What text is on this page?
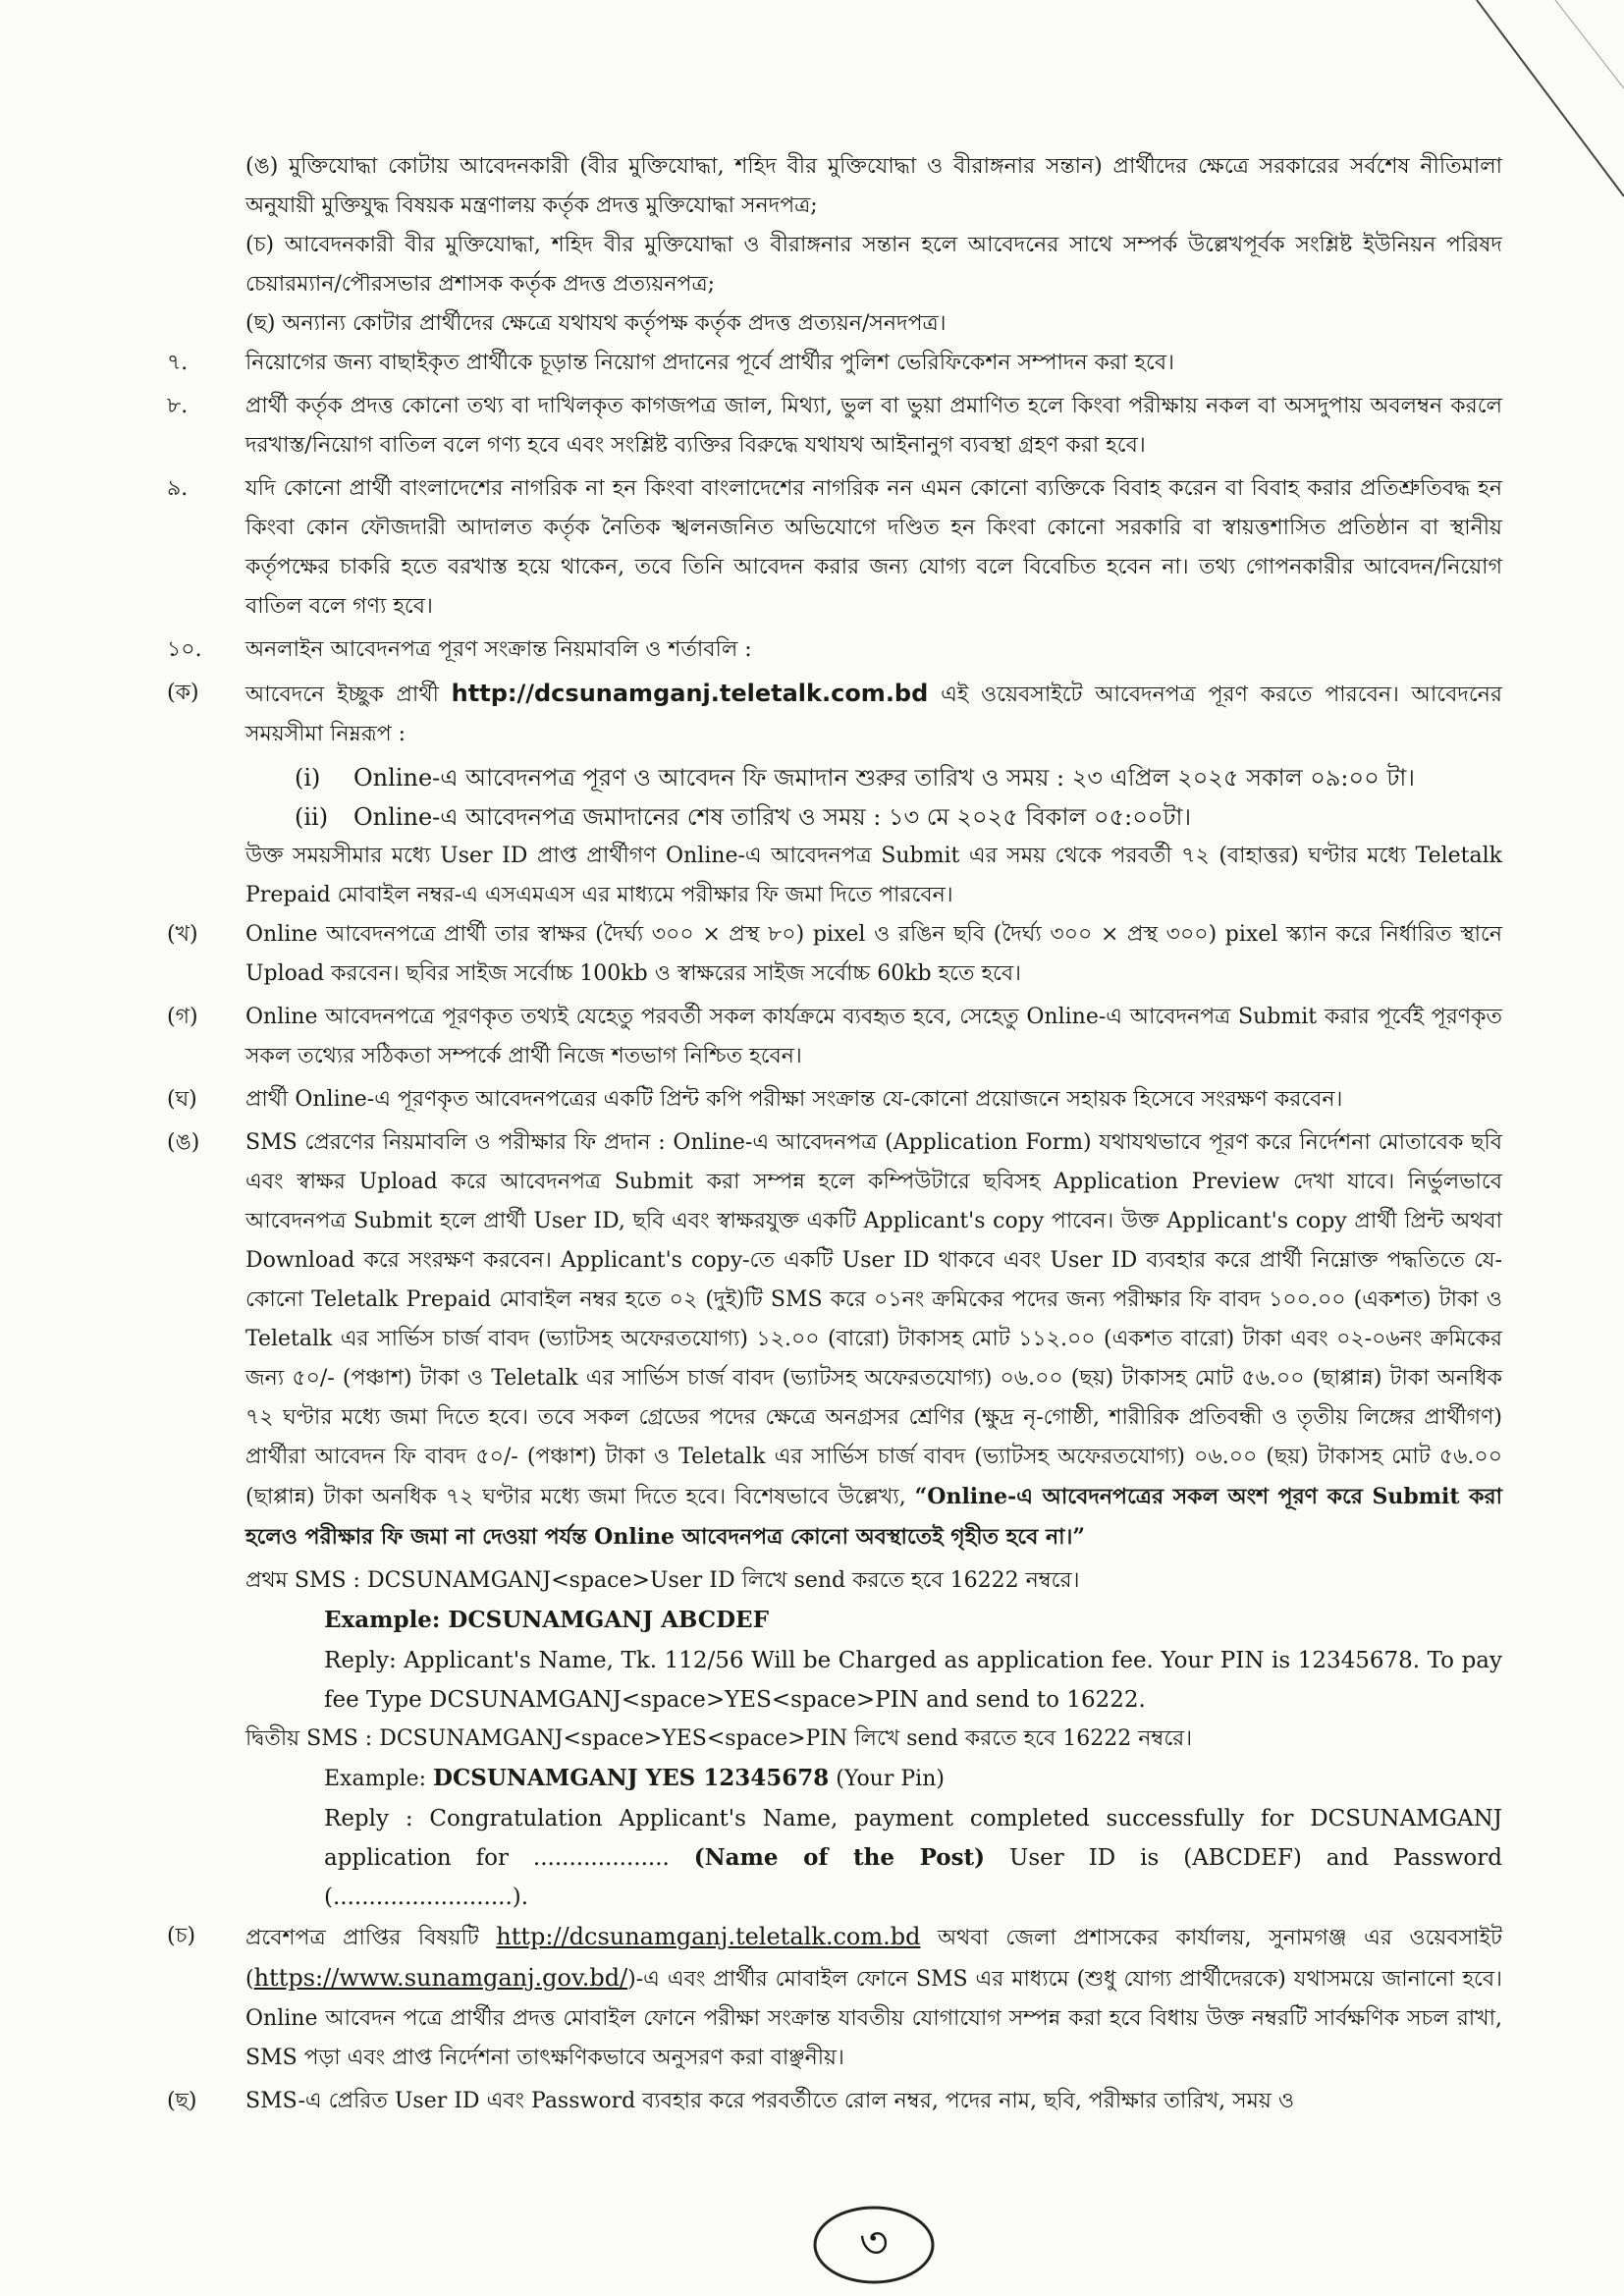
(ঙ) মুক্তিযোদ্ধা কোটায় আবেদনকারী (বীর মুক্তিযোদ্ধা, শহিদ বীর মুক্তিযোদ্ধা ও বীরাঙ্গনার সন্তান) প্রার্থীদের ক্ষেত্রে সরকারের সর্বশেষ নীতিমালা অনুযায়ী মুক্তিযুদ্ধ বিষয়ক মন্ত্রণালয় কর্তৃক প্রদত্ত মুক্তিযোদ্ধা সনদপত্র;
(চ) আবেদনকারী বীর মুক্তিযোদ্ধা, শহিদ বীর মুক্তিযোদ্ধা ও বীরাঙ্গনার সন্তান হলে আবেদনের সাথে সম্পর্ক উল্লেখপূর্বক সংশ্লিষ্ট ইউনিয়ন পরিষদ চেয়ারম্যান/পৌরসভার প্রশাসক কর্তৃক প্রদত্ত প্রত্যয়নপত্র;
(ছ) অন্যান্য কোটার প্রার্থীদের ক্ষেত্রে যথাযথ কর্তৃপক্ষ কর্তৃক প্রদত্ত প্রত্যয়ন/সনদপত্র।
৭.	নিয়োগের জন্য বাছাইকৃত প্রার্থীকে চূড়ান্ত নিয়োগ প্রদানের পূর্বে প্রার্থীর পুলিশ ভেরিফিকেশন সম্পাদন করা হবে।
৮.	প্রার্থী কর্তৃক প্রদত্ত কোনো তথ্য বা দাখিলকৃত কাগজপত্র জাল, মিথ্যা, ভুল বা ভুয়া প্রমাণিত হলে কিংবা পরীক্ষায় নকল বা অসদুপায় অবলম্বন করলে দরখাস্ত/নিয়োগ বাতিল বলে গণ্য হবে এবং সংশ্লিষ্ট ব্যক্তির বিরুদ্ধে যথাযথ আইনানুগ ব্যবস্থা গ্রহণ করা হবে।
৯.	যদি কোনো প্রার্থী বাংলাদেশের নাগরিক না হন কিংবা বাংলাদেশের নাগরিক নন এমন কোনো ব্যক্তিকে বিবাহ করেন বা বিবাহ করার প্রতিশ্রুতিবদ্ধ হন কিংবা কোন ফৌজদারী আদালত কর্তৃক নৈতিক স্খলনজনিত অভিযোগে দণ্ডিত হন কিংবা কোনো সরকারি বা স্বায়ত্তশাসিত প্রতিষ্ঠান বা স্থানীয় কর্তৃপক্ষের চাকরি হতে বরখাস্ত হয়ে থাকেন, তবে তিনি আবেদন করার জন্য যোগ্য বলে বিবেচিত হবেন না। তথ্য গোপনকারীর আবেদন/নিয়োগ বাতিল বলে গণ্য হবে।
১০.	অনলাইন আবেদনপত্র পূরণ সংক্রান্ত নিয়মাবলি ও শর্তাবলি :
(ক)	আবেদনে ইচ্ছুক প্রার্থী http://dcsunamganj.teletalk.com.bd এই ওয়েবসাইটে আবেদনপত্র পূরণ করতে পারবেন। আবেদনের সময়সীমা নিম্নরূপ :
(i)	Online-এ আবেদনপত্র পূরণ ও আবেদন ফি জমাদান শুরুর তারিখ ও সময় : ২৩ এপ্রিল ২০২৫ সকাল ০৯:০০ টা।
(ii)	Online-এ আবেদনপত্র জমাদানের শেষ তারিখ ও সময় : ১৩ মে ২০২৫ বিকাল ০৫:০০টা।
উক্ত সময়সীমার মধ্যে User ID প্রাপ্ত প্রার্থীগণ Online-এ আবেদনপত্র Submit এর সময় থেকে পরবর্তী ৭২ (বাহাত্তর) ঘণ্টার মধ্যে Teletalk Prepaid মোবাইল নম্বর-এ এসএমএস এর মাধ্যমে পরীক্ষার ফি জমা দিতে পারবেন।
(খ)	Online আবেদনপত্রে প্রার্থী তার স্বাক্ষর (দৈর্ঘ্য ৩০০ × প্রস্থ ৮০) pixel ও রঙিন ছবি (দৈর্ঘ্য ৩০০ × প্রস্থ ৩০০) pixel স্ক্যান করে নির্ধারিত স্থানে Upload করবেন। ছবির সাইজ সর্বোচ্চ 100kb ও স্বাক্ষরের সাইজ সর্বোচ্চ 60kb হতে হবে।
(গ)	Online আবেদনপত্রে পূরণকৃত তথ্যই যেহেতু পরবর্তী সকল কার্যক্রমে ব্যবহৃত হবে, সেহেতু Online-এ আবেদনপত্র Submit করার পূর্বেই পূরণকৃত সকল তথ্যের সঠিকতা সম্পর্কে প্রার্থী নিজে শতভাগ নিশ্চিত হবেন।
(ঘ)	প্রার্থী Online-এ পূরণকৃত আবেদনপত্রের একটি প্রিন্ট কপি পরীক্ষা সংক্রান্ত যে-কোনো প্রয়োজনে সহায়ক হিসেবে সংরক্ষণ করবেন।
(ঙ)	SMS প্রেরণের নিয়মাবলি ও পরীক্ষার ফি প্রদান : Online-এ আবেদনপত্র (Application Form) যথাযথভাবে পূরণ করে নির্দেশনা মোতাবেক ছবি এবং স্বাক্ষর Upload করে আবেদনপত্র Submit করা সম্পন্ন হলে কম্পিউটারে ছবিসহ Application Preview দেখা যাবে। নির্ভুলভাবে আবেদনপত্র Submit হলে প্রার্থী User ID, ছবি এবং স্বাক্ষরযুক্ত একটি Applicant's copy পাবেন। উক্ত Applicant's copy প্রার্থী প্রিন্ট অথবা Download করে সংরক্ষণ করবেন। Applicant's copy-তে একটি User ID থাকবে এবং User ID ব্যবহার করে প্রার্থী নিম্নোক্ত পদ্ধতিতে যে-কোনো Teletalk Prepaid মোবাইল নম্বর হতে ০২ (দুই)টি SMS করে ০১নং ক্রমিকের পদের জন্য পরীক্ষার ফি বাবদ ১০০.০০ (একশত) টাকা ও Teletalk এর সার্ভিস চার্জ বাবদ (ভ্যাটসহ অফেরতযোগ্য) ১২.০০ (বারো) টাকাসহ মোট ১১২.০০ (একশত বারো) টাকা এবং ০২-০৬নং ক্রমিকের জন্য ৫০/- (পঞ্চাশ) টাকা ও Teletalk এর সার্ভিস চার্জ বাবদ (ভ্যাটসহ অফেরতযোগ্য) ০৬.০০ (ছয়) টাকাসহ মোট ৫৬.০০ (ছাপ্পান্ন) টাকা অনধিক ৭২ ঘণ্টার মধ্যে জমা দিতে হবে। তবে সকল গ্রেডের পদের ক্ষেত্রে অনগ্রসর শ্রেণির (ক্ষুদ্র নৃ-গোষ্ঠী, শারীরিক প্রতিবন্ধী ও তৃতীয় লিঙ্গের প্রার্থীগণ) প্রার্থীরা আবেদন ফি বাবদ ৫০/- (পঞ্চাশ) টাকা ও Teletalk এর সার্ভিস চার্জ বাবদ (ভ্যাটসহ অফেরতযোগ্য) ০৬.০০ (ছয়) টাকাসহ মোট ৫৬.০০ (ছাপ্পান্ন) টাকা অনধিক ৭২ ঘণ্টার মধ্যে জমা দিতে হবে। বিশেষভাবে উল্লেখ্য, “Online-এ আবেদনপত্রের সকল অংশ পূরণ করে Submit করা হলেও পরীক্ষার ফি জমা না দেওয়া পর্যন্ত Online আবেদনপত্র কোনো অবস্থাতেই গৃহীত হবে না।”
প্রথম SMS : DCSUNAMGANJ<space>User ID লিখে send করতে হবে 16222 নম্বরে।
Example: DCSUNAMGANJ ABCDEF
Reply: Applicant's Name, Tk. 112/56 Will be Charged as application fee. Your PIN is 12345678. To pay fee Type DCSUNAMGANJ<space>YES<space>PIN and send to 16222.
দ্বিতীয় SMS : DCSUNAMGANJ<space>YES<space>PIN লিখে send করতে হবে 16222 নম্বরে।
Example: DCSUNAMGANJ YES 12345678 (Your Pin)
Reply : Congratulation Applicant's Name, payment completed successfully for DCSUNAMGANJ application for ................... (Name of the Post) User ID is (ABCDEF) and Password (.........................).
(চ)	প্রবেশপত্র প্রাপ্তির বিষয়টি http://dcsunamganj.teletalk.com.bd অথবা জেলা প্রশাসকের কার্যালয়, সুনামগঞ্জ এর ওয়েবসাইট (https://www.sunamganj.gov.bd/)-এ এবং প্রার্থীর মোবাইল ফোনে SMS এর মাধ্যমে (শুধু যোগ্য প্রার্থীদেরকে) যথাসময়ে জানানো হবে। Online আবেদন পত্রে প্রার্থীর প্রদত্ত মোবাইল ফোনে পরীক্ষা সংক্রান্ত যাবতীয় যোগাযোগ সম্পন্ন করা হবে বিধায় উক্ত নম্বরটি সার্বক্ষণিক সচল রাখা, SMS পড়া এবং প্রাপ্ত নির্দেশনা তাৎক্ষণিকভাবে অনুসরণ করা বাঞ্ছনীয়।
(ছ)	SMS-এ প্রেরিত User ID এবং Password ব্যবহার করে পরবর্তীতে রোল নম্বর, পদের নাম, ছবি, পরীক্ষার তারিখ, সময় ও
৩
